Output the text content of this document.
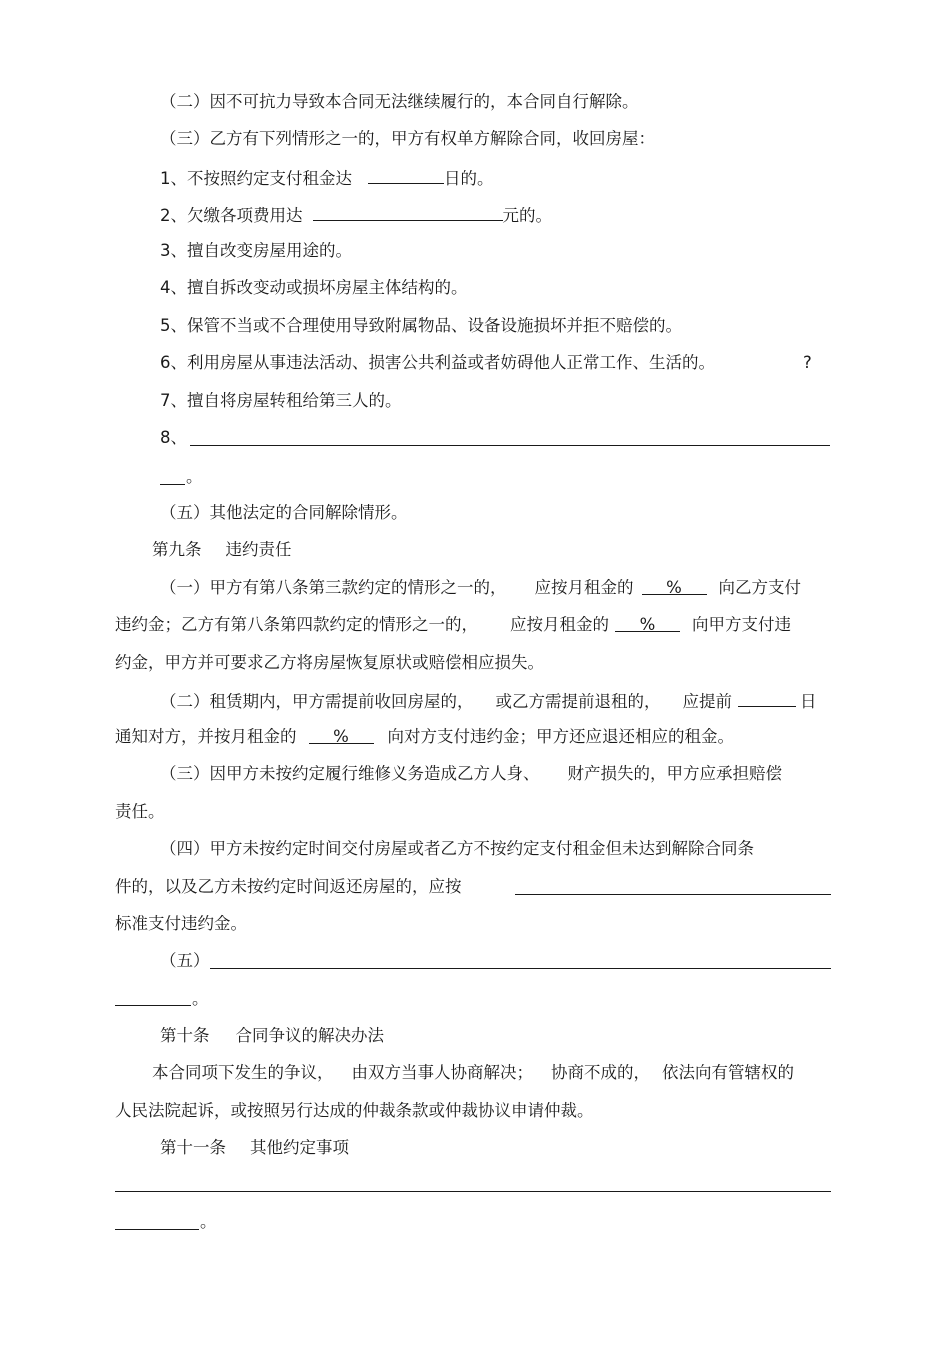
（二）因不可抗力导致本合同无法继续履行的，本合同自行解除。
（三）乙方有下列情形之一的，甲方有权单方解除合同，收回房屋：
1、不按照约定支付租金达	日的。
2、欠缴各项费用达	元的。
3、擅自改变房屋用途的。
4、擅自拆改变动或损坏房屋主体结构的。
5、保管不当或不合理使用导致附属物品、设备设施损坏并拒不赔偿的。
6、利用房屋从事违法活动、损害公共利益或者妨碍他人正常工作、生活的。	?
7、擅自将房屋转租给第三人的。
8、
。
（五）其他法定的合同解除情形。
第九条 违约责任
（一）甲方有第八条第三款约定的情形之一的， 应按月租金的 % 向乙方支付
违约金；乙方有第八条第四款约定的情形之一的， 应按月租金的 % 向甲方支付违
约金，甲方并可要求乙方将房屋恢复原状或赔偿相应损失。
（二）租赁期内，甲方需提前收回房屋的， 或乙方需提前退租的， 应提前	日
通知对方，并按月租金的 % 向对方支付违约金；甲方还应退还相应的租金。
（三）因甲方未按约定履行维修义务造成乙方人身、 财产损失的，甲方应承担赔偿
责任。
（四）甲方未按约定时间交付房屋或者乙方不按约定支付租金但未达到解除合同条
件的，以及乙方未按约定时间返还房屋的，应按
标准支付违约金。
（五）
。
第十条 合同争议的解决办法
本合同项下发生的争议， 由双方当事人协商解决； 协商不成的， 依法向有管辖权的
人民法院起诉，或按照另行达成的仲裁条款或仲裁协议申请仲裁。
第十一条 其他约定事项
。
